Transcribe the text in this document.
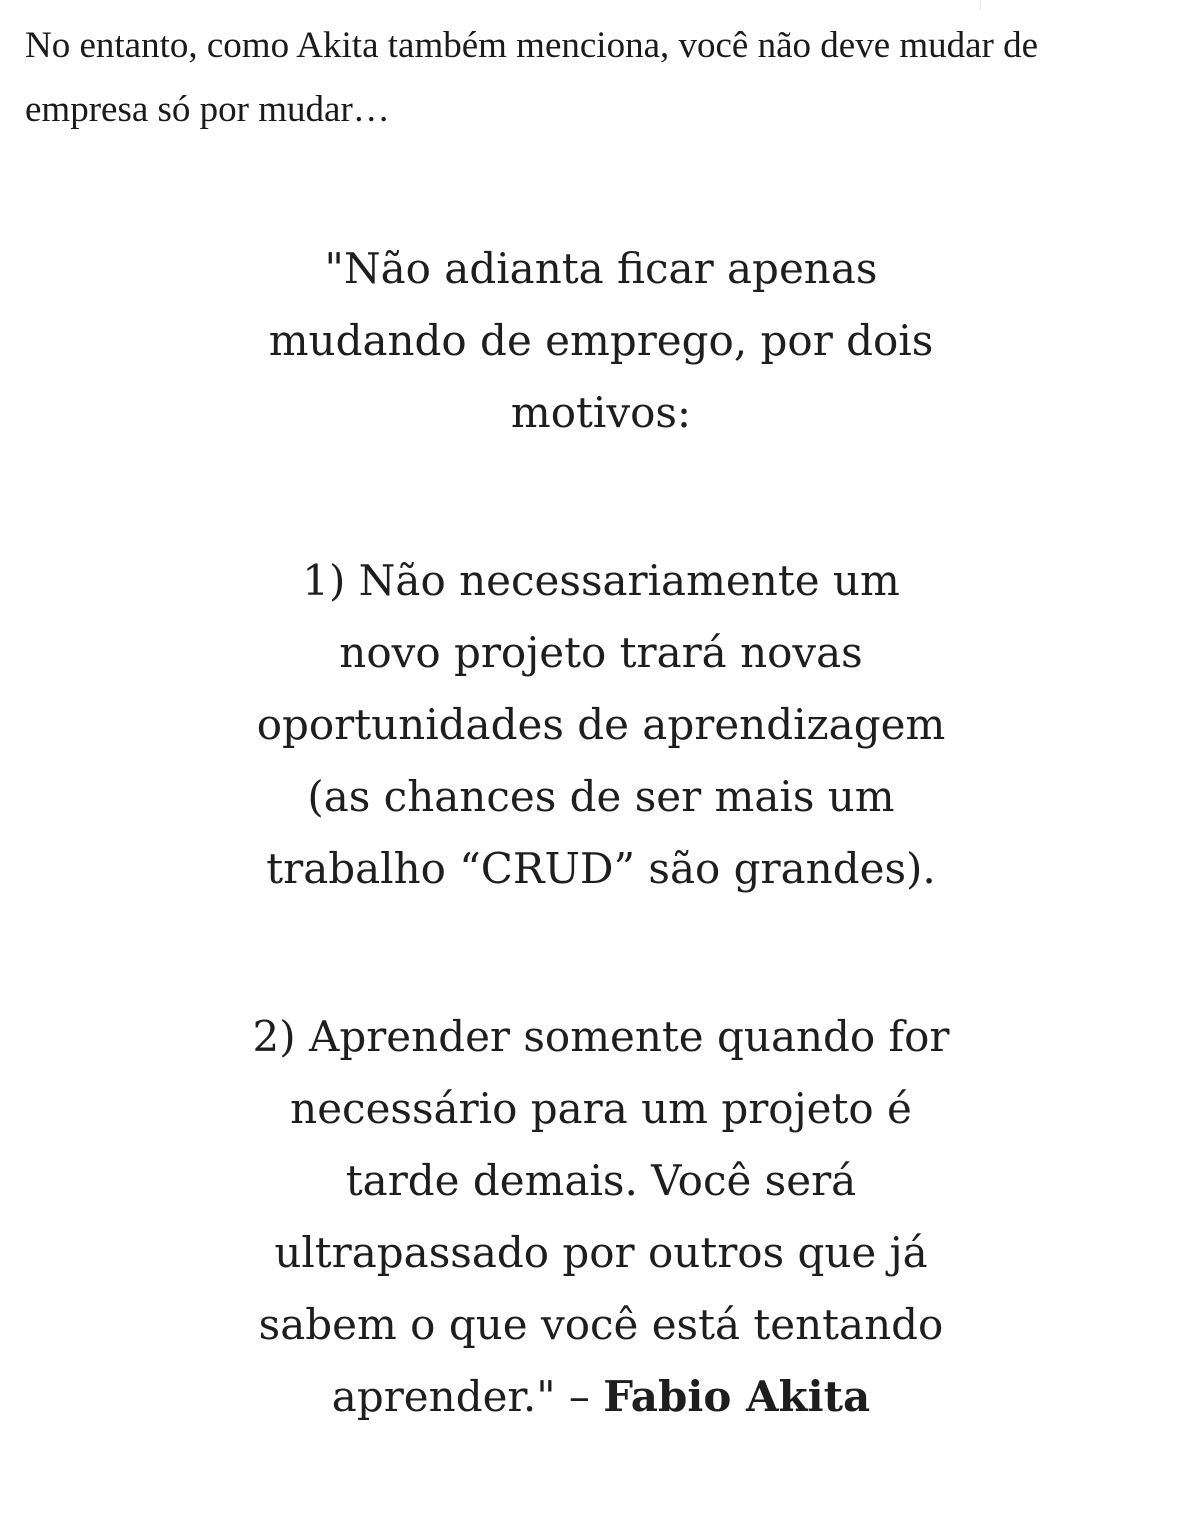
No entanto, como Akita também menciona, você não deve mudar de empresa só por mudar…

"Não adianta ficar apenas mudando de emprego, por dois motivos:

1) Não necessariamente um novo projeto trará novas oportunidades de aprendizagem (as chances de ser mais um trabalho “CRUD” são grandes).

2) Aprender somente quando for necessário para um projeto é tarde demais. Você será ultrapassado por outros que já sabem o que você está tentando aprender." – Fabio Akita
